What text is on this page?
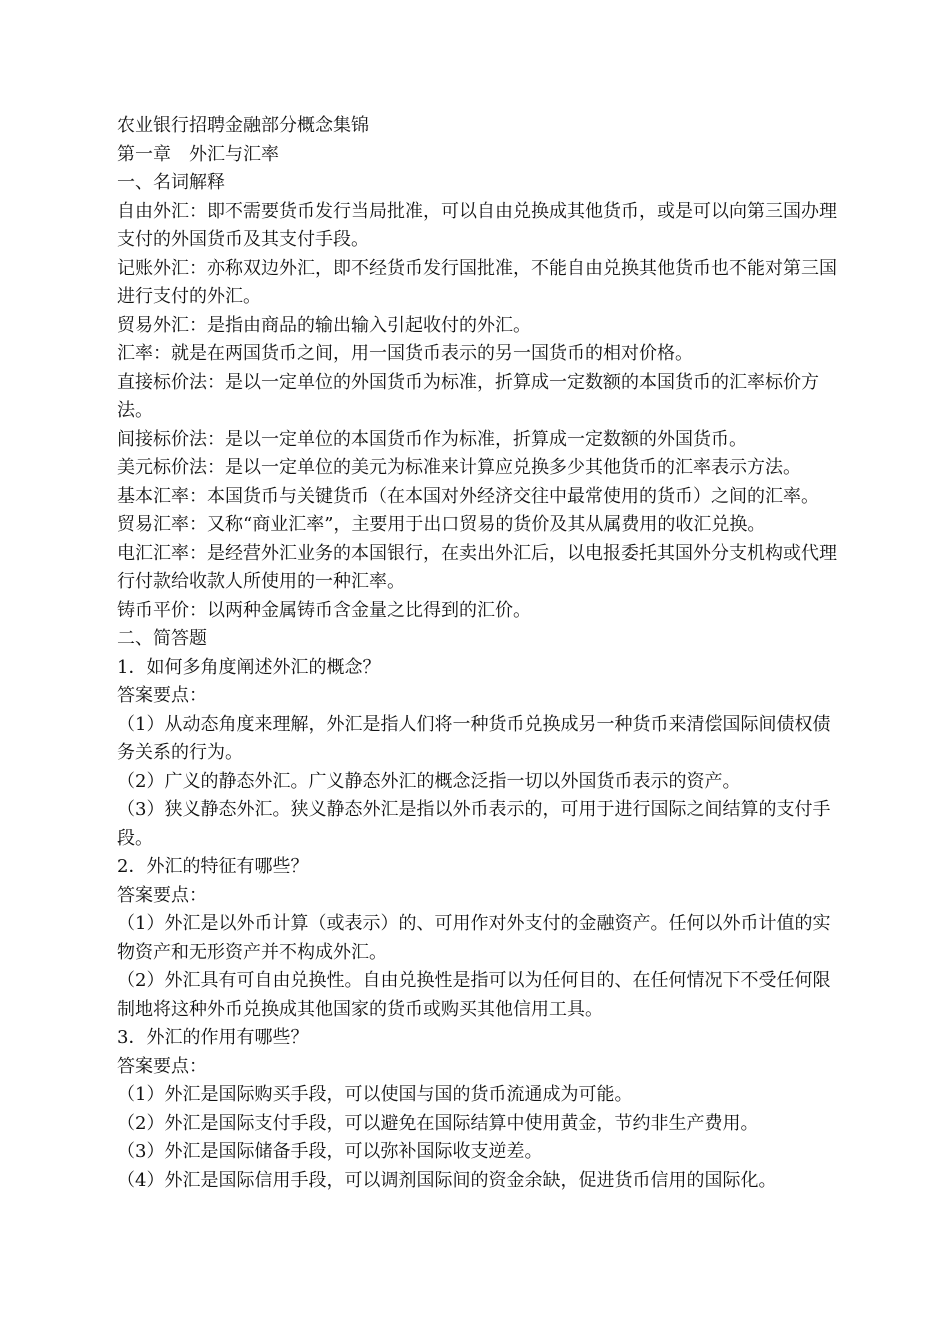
农业银行招聘金融部分概念集锦

第一章　外汇与汇率

一、名词解释

自由外汇：即不需要货币发行当局批准，可以自由兑换成其他货币，或是可以向第三国办理支付的外国货币及其支付手段。

记账外汇：亦称双边外汇，即不经货币发行国批准，不能自由兑换其他货币也不能对第三国进行支付的外汇。

贸易外汇：是指由商品的输出输入引起收付的外汇。

汇率：就是在两国货币之间，用一国货币表示的另一国货币的相对价格。

直接标价法：是以一定单位的外国货币为标准，折算成一定数额的本国货币的汇率标价方法。

间接标价法：是以一定单位的本国货币作为标准，折算成一定数额的外国货币。

美元标价法：是以一定单位的美元为标准来计算应兑换多少其他货币的汇率表示方法。

基本汇率：本国货币与关键货币（在本国对外经济交往中最常使用的货币）之间的汇率。

贸易汇率：又称“商业汇率”，主要用于出口贸易的货价及其从属费用的收汇兑换。

电汇汇率：是经营外汇业务的本国银行，在卖出外汇后，以电报委托其国外分支机构或代理行付款给收款人所使用的一种汇率。

铸币平价：以两种金属铸币含金量之比得到的汇价。

二、简答题

1．如何多角度阐述外汇的概念？

答案要点：

（1）从动态角度来理解，外汇是指人们将一种货币兑换成另一种货币来清偿国际间债权债务关系的行为。

（2）广义的静态外汇。广义静态外汇的概念泛指一切以外国货币表示的资产。

（3）狭义静态外汇。狭义静态外汇是指以外币表示的，可用于进行国际之间结算的支付手段。

2．外汇的特征有哪些？

答案要点：

（1）外汇是以外币计算（或表示）的、可用作对外支付的金融资产。任何以外币计值的实物资产和无形资产并不构成外汇。

（2）外汇具有可自由兑换性。自由兑换性是指可以为任何目的、在任何情况下不受任何限制地将这种外币兑换成其他国家的货币或购买其他信用工具。

3．外汇的作用有哪些？

答案要点：

（1）外汇是国际购买手段，可以使国与国的货币流通成为可能。

（2）外汇是国际支付手段，可以避免在国际结算中使用黄金，节约非生产费用。

（3）外汇是国际储备手段，可以弥补国际收支逆差。

（4）外汇是国际信用手段，可以调剂国际间的资金余缺，促进货币信用的国际化。
